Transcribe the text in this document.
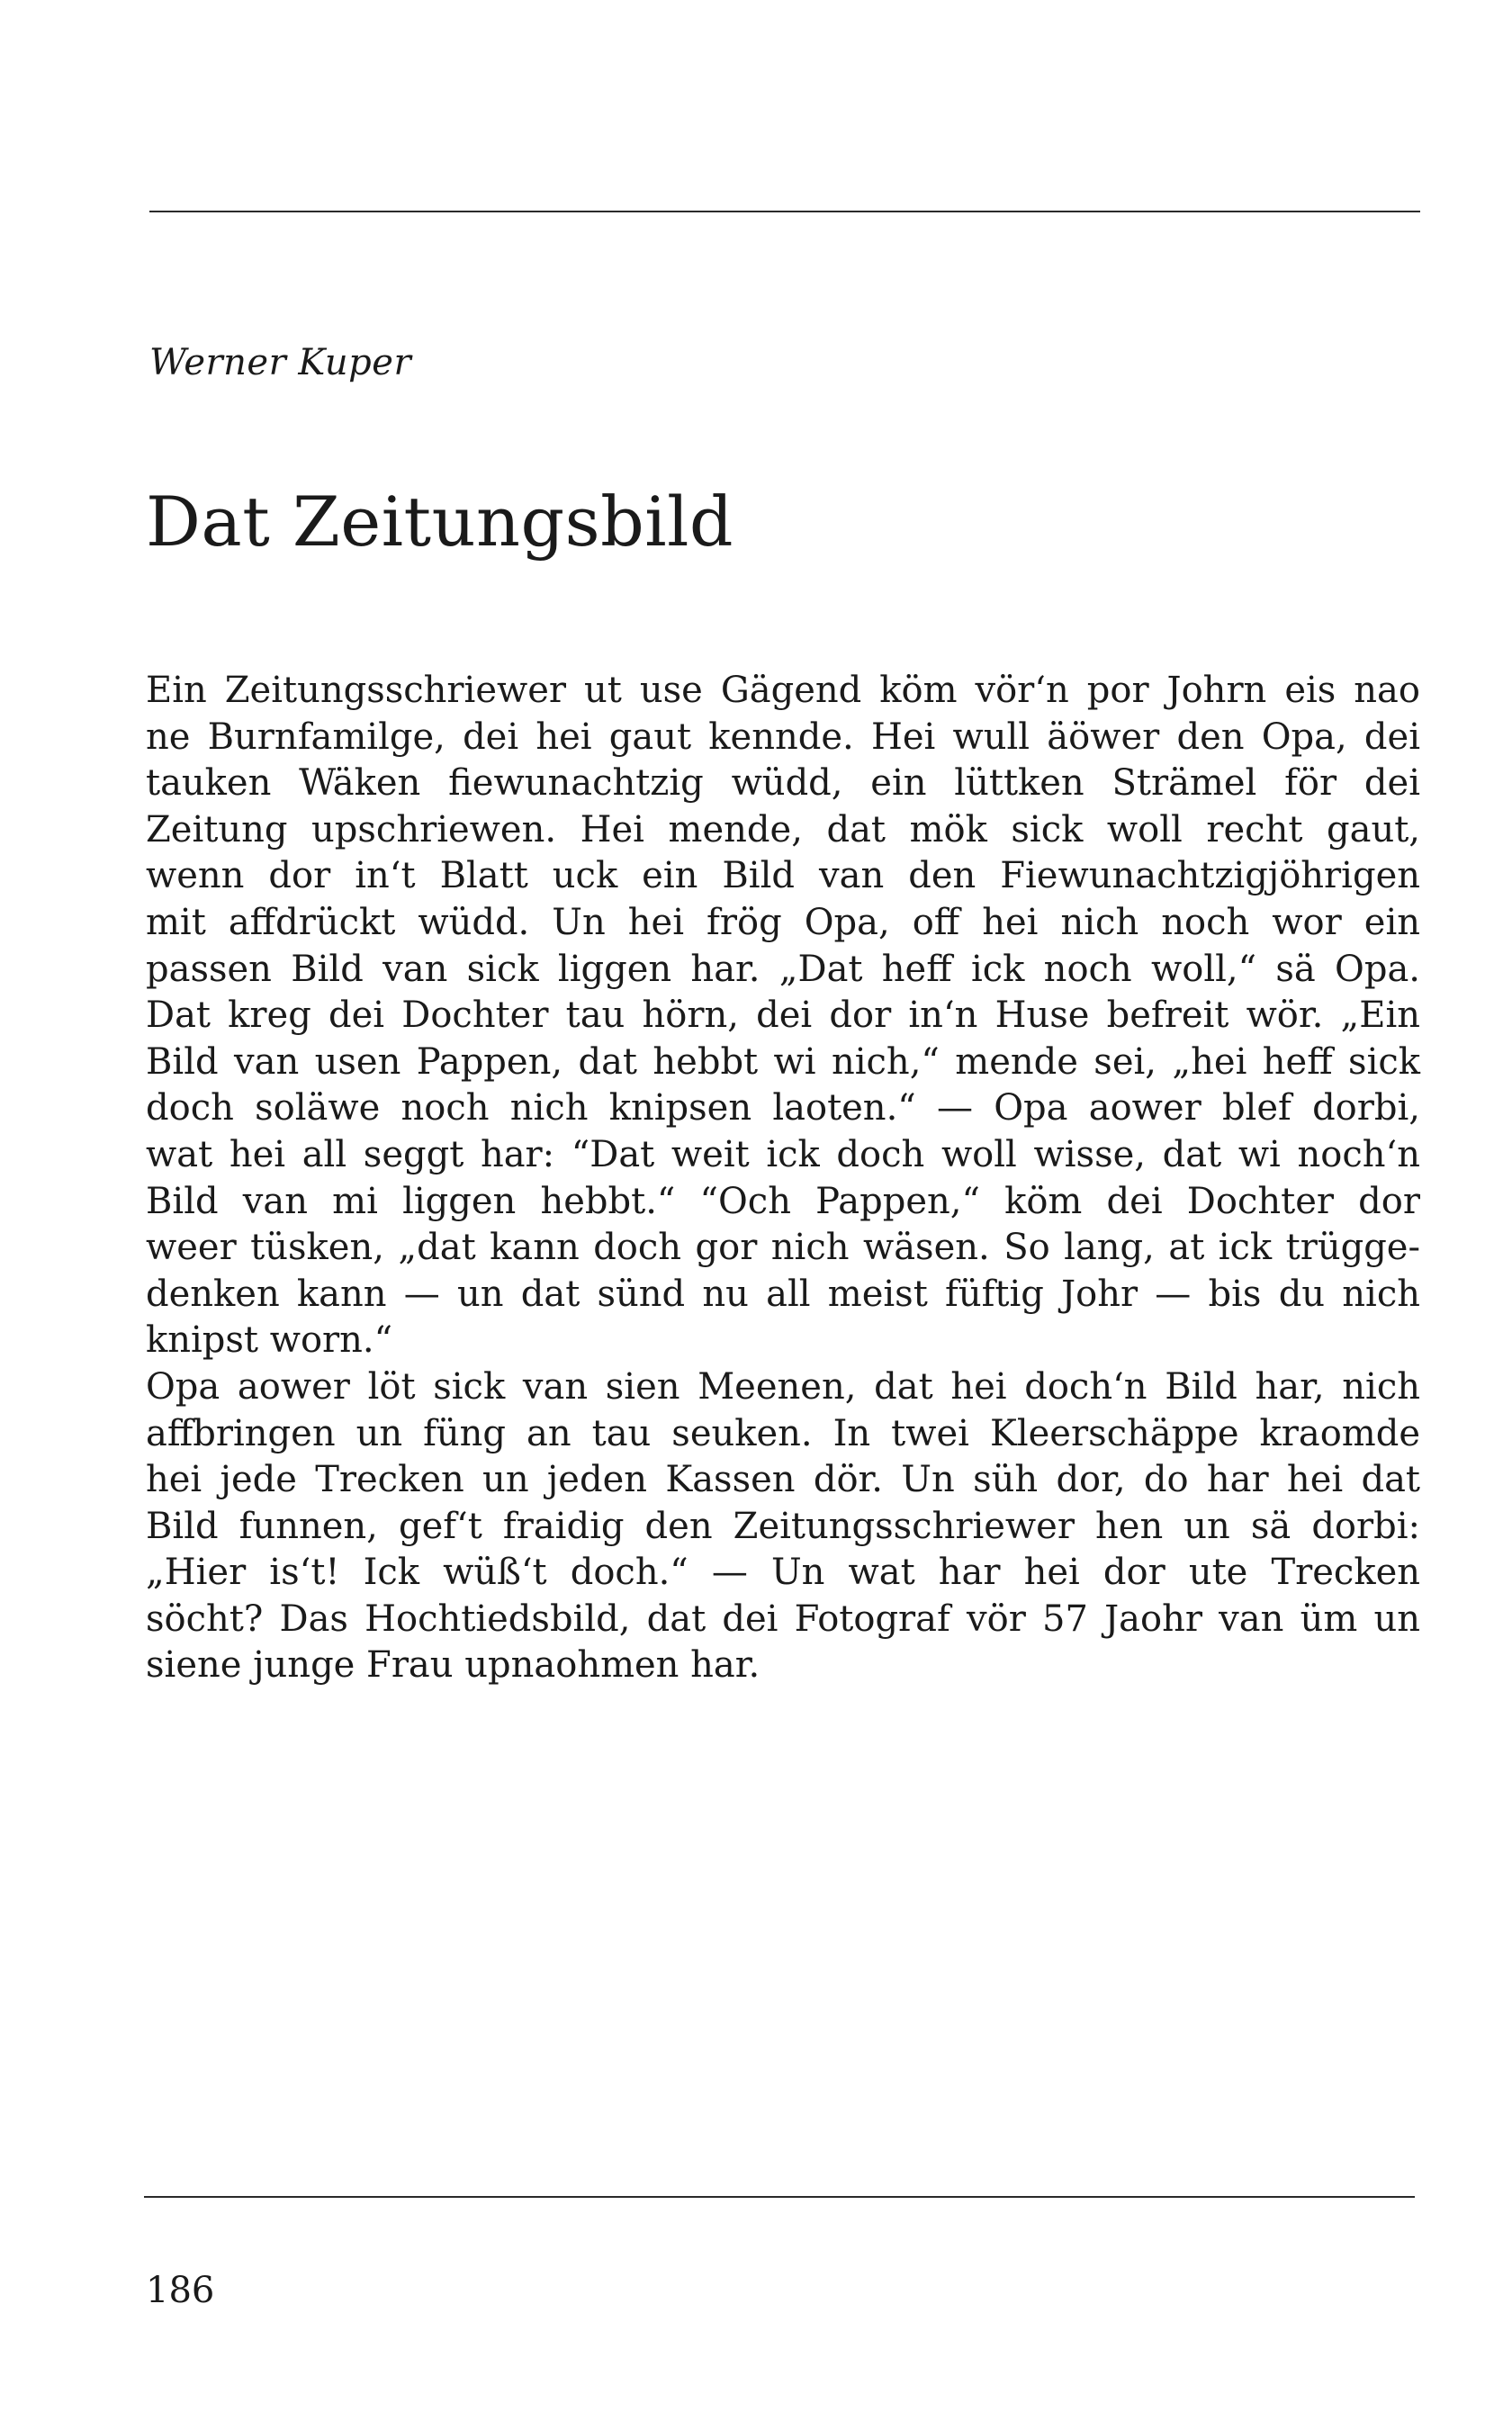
Werner Kuper
Dat Zeitungsbild
Ein Zeitungsschriewer ut use Gägend köm vör‘n por Johrn eis nao
ne Burnfamilge, dei hei gaut kennde. Hei wull äöwer den Opa, dei
tauken Wäken fiewunachtzig wüdd, ein lüttken Strämel för dei
Zeitung upschriewen. Hei mende, dat mök sick woll recht gaut,
wenn dor in‘t Blatt uck ein Bild van den Fiewunachtzigjöhrigen
mit affdrückt wüdd. Un hei frög Opa, off hei nich noch wor ein
passen Bild van sick liggen har. „Dat heff ick noch woll,“ sä Opa.
Dat kreg dei Dochter tau hörn, dei dor in‘n Huse befreit wör. „Ein
Bild van usen Pappen, dat hebbt wi nich,“ mende sei, „hei heff sick
doch soläwe noch nich knipsen laoten.“ — Opa aower blef dorbi,
wat hei all seggt har: “Dat weit ick doch woll wisse, dat wi noch‘n
Bild van mi liggen hebbt.“ “Och Pappen,“ köm dei Dochter dor
weer tüsken, „dat kann doch gor nich wäsen. So lang, at ick trügge-
denken kann — un dat sünd nu all meist füftig Johr — bis du nich
knipst worn.“
Opa aower löt sick van sien Meenen, dat hei doch‘n Bild har, nich
affbringen un füng an tau seuken. In twei Kleerschäppe kraomde
hei jede Trecken un jeden Kassen dör. Un süh dor, do har hei dat
Bild funnen, gef‘t fraidig den Zeitungsschriewer hen un sä dorbi:
„Hier is‘t! Ick wüß‘t doch.“ — Un wat har hei dor ute Trecken
söcht? Das Hochtiedsbild, dat dei Fotograf vör 57 Jaohr van üm un
siene junge Frau upnaohmen har.
186
